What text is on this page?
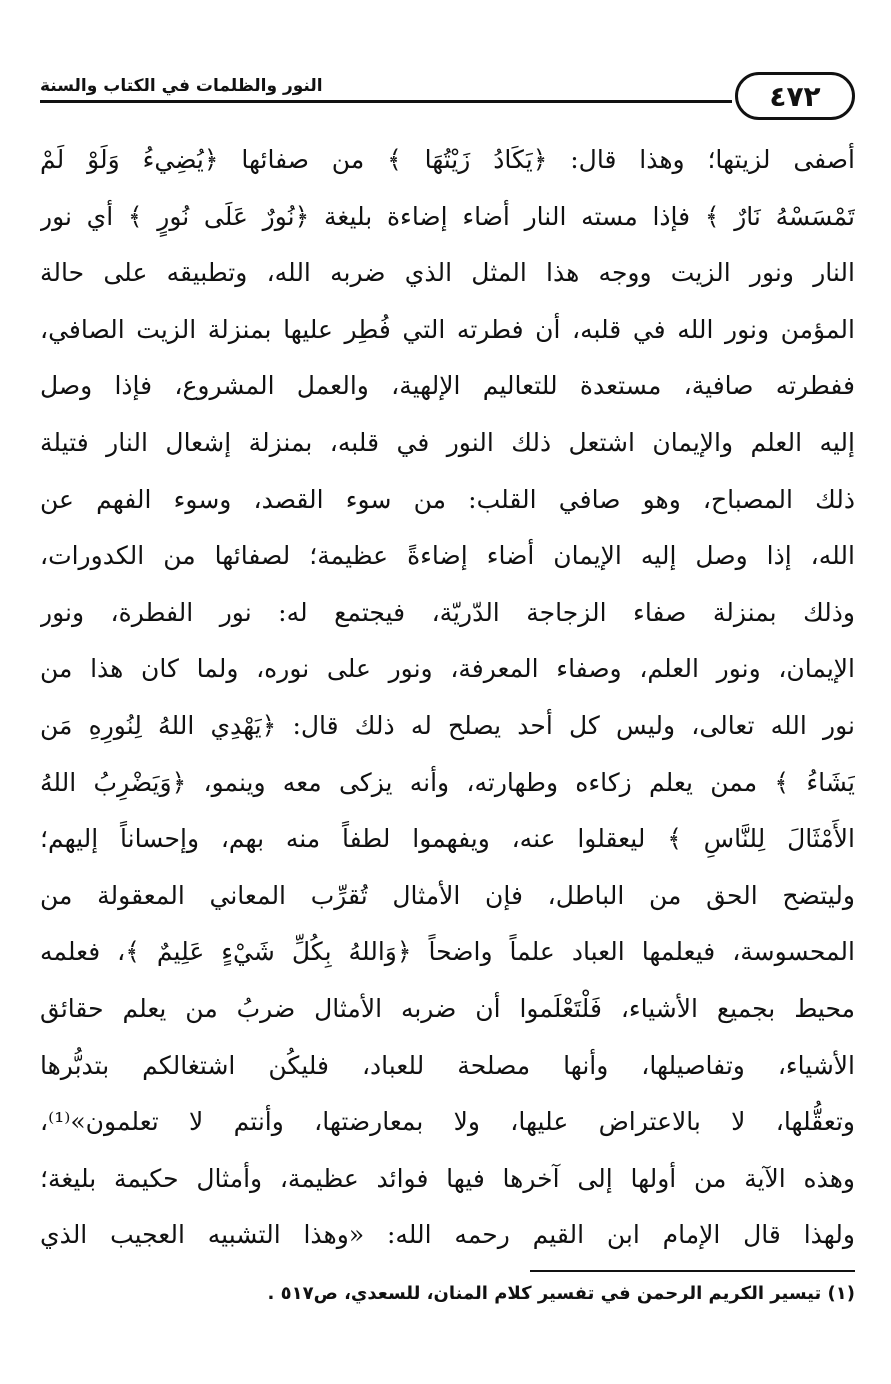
النور والظلمات في الكتاب والسنة	٤٧٢
أصفى لزيتها؛ وهذا قال: ﴿يَكَادُ زَيْتُهَا ﴾ من صفائها ﴿يُضِيءُ وَلَوْ لَمْ
تَمْسَسْهُ نَارٌ ﴾ فإذا مسته النار أضاء إضاءة بليغة ﴿نُورٌ عَلَى نُورٍ ﴾ أي نور
النار ونور الزيت ووجه هذا المثل الذي ضربه الله، وتطبيقه على حالة
المؤمن ونور الله في قلبه، أن فطرته التي فُطِر عليها بمنزلة الزيت الصافي،
ففطرته صافية، مستعدة للتعاليم الإلهية، والعمل المشروع، فإذا وصل
إليه العلم والإيمان اشتعل ذلك النور في قلبه، بمنزلة إشعال النار فتيلة
ذلك المصباح، وهو صافي القلب: من سوء القصد، وسوء الفهم عن
الله، إذا وصل إليه الإيمان أضاء إضاءةً عظيمة؛ لصفائها من الكدورات،
وذلك بمنزلة صفاء الزجاجة الدّريّة، فيجتمع له: نور الفطرة، ونور
الإيمان، ونور العلم، وصفاء المعرفة، ونور على نوره، ولما كان هذا من
نور الله تعالى، وليس كل أحد يصلح له ذلك قال: ﴿يَهْدِي اللهُ لِنُورِهِ مَن
يَشَاءُ ﴾ ممن يعلم زكاءه وطهارته، وأنه يزكى معه وينمو، ﴿وَيَضْرِبُ اللهُ
الأَمْثَالَ لِلنَّاسِ ﴾ ليعقلوا عنه، ويفهموا لطفاً منه بهم، وإحساناً إليهم؛
وليتضح الحق من الباطل، فإن الأمثال تُقرِّب المعاني المعقولة من
المحسوسة، فيعلمها العباد علماً واضحاً ﴿وَاللهُ بِكُلِّ شَيْءٍ عَلِيمٌ ﴾، فعلمه
محيط بجميع الأشياء، فَلْتَعْلَموا أن ضربه الأمثال ضربُ من يعلم حقائق
الأشياء، وتفاصيلها، وأنها مصلحة للعباد، فليكُن اشتغالكم بتدبُّرها
وتعقُّلها، لا بالاعتراض عليها، ولا بمعارضتها، وأنتم لا تعلمون»⁽¹⁾،
وهذه الآية من أولها إلى آخرها فيها فوائد عظيمة، وأمثال حكيمة بليغة؛
ولهذا قال الإمام ابن القيم رحمه الله: «وهذا التشبيه العجيب الذي
(١) تيسير الكريم الرحمن في تفسير كلام المنان، للسعدي، ص٥١٧ .
